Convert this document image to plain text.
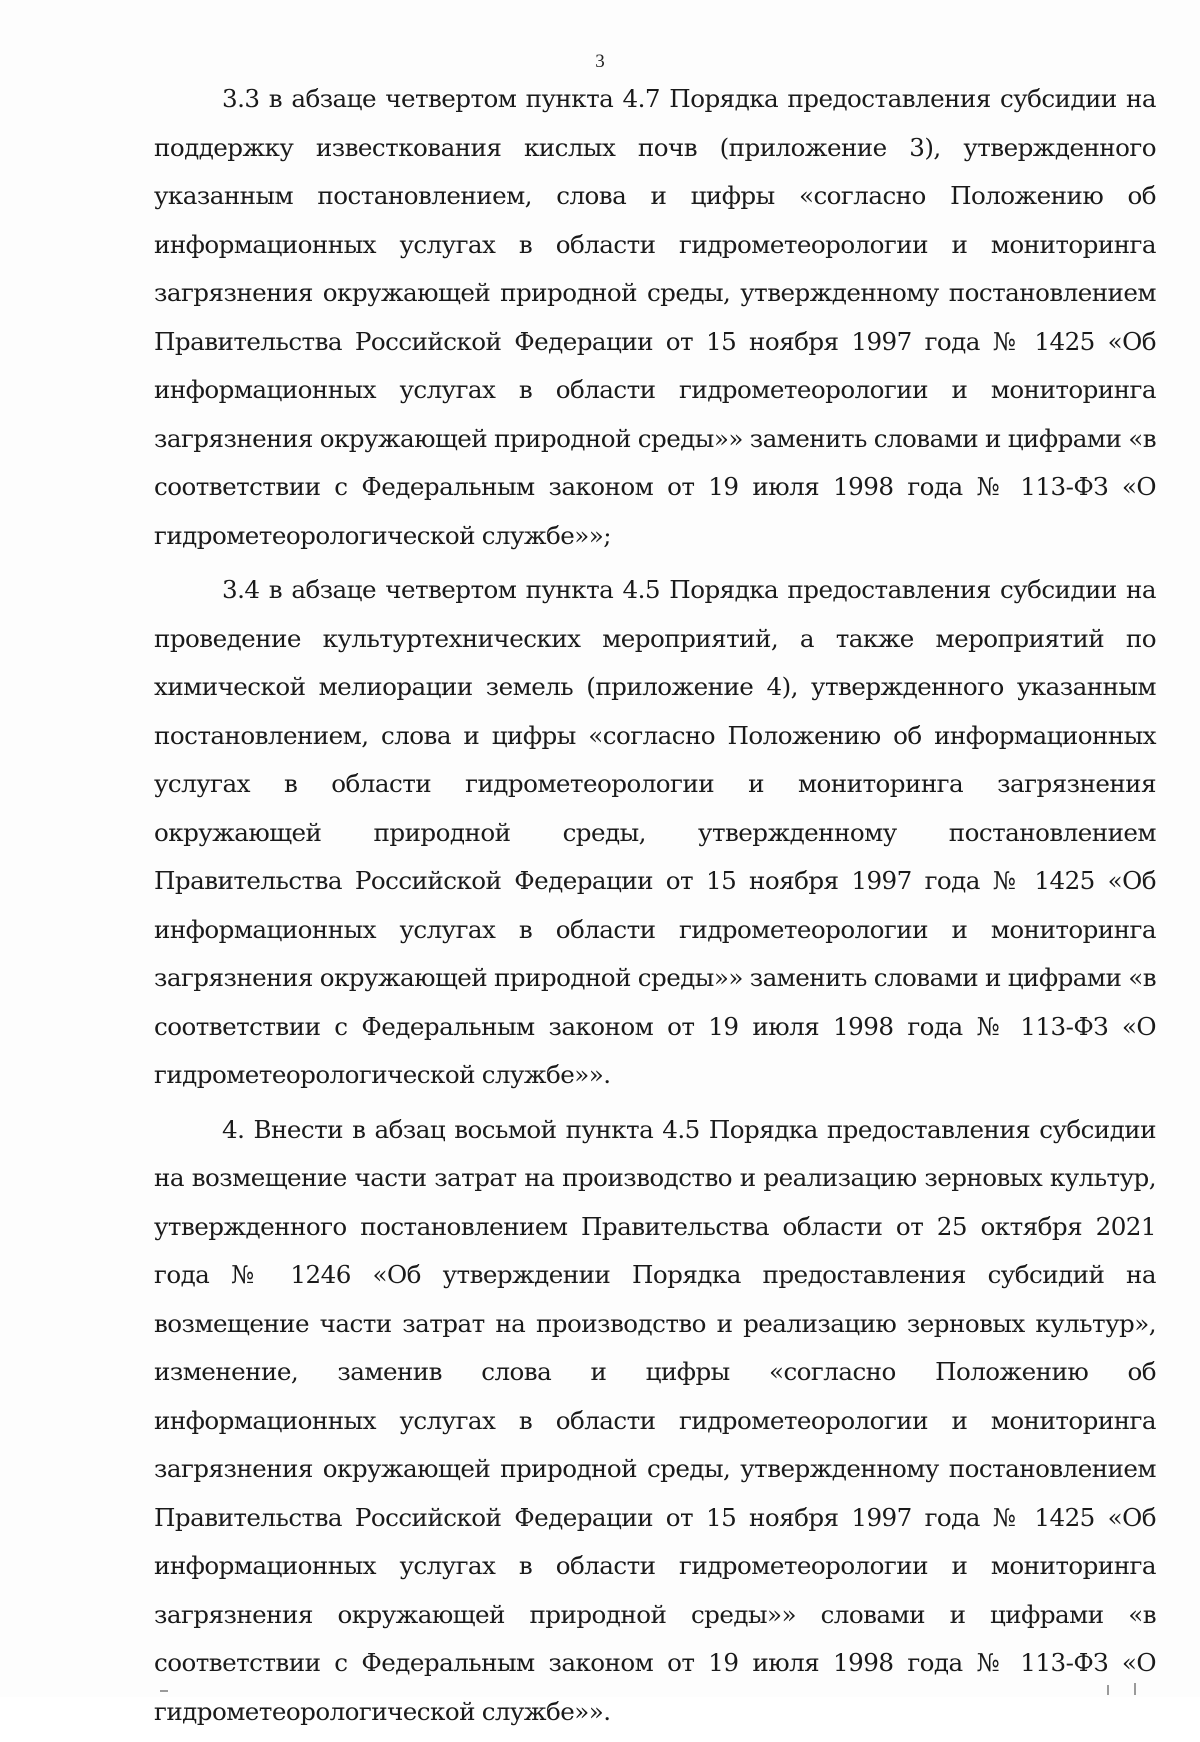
3

3.3 в абзаце четвертом пункта 4.7 Порядка предоставления субсидии на поддержку известкования кислых почв (приложение 3), утвержденного указанным постановлением, слова и цифры «согласно Положению об информационных услугах в области гидрометеорологии и мониторинга загрязнения окружающей природной среды, утвержденному постановлением Правительства Российской Федерации от 15 ноября 1997 года № 1425 «Об информационных услугах в области гидрометеорологии и мониторинга загрязнения окружающей природной среды»» заменить словами и цифрами «в соответствии с Федеральным законом от 19 июля 1998 года № 113-ФЗ «О гидрометеорологической службе»»;

3.4 в абзаце четвертом пункта 4.5 Порядка предоставления субсидии на проведение культуртехнических мероприятий, а также мероприятий по химической мелиорации земель (приложение 4), утвержденного указанным постановлением, слова и цифры «согласно Положению об информационных услугах в области гидрометеорологии и мониторинга загрязнения окружающей природной среды, утвержденному постановлением Правительства Российской Федерации от 15 ноября 1997 года № 1425 «Об информационных услугах в области гидрометеорологии и мониторинга загрязнения окружающей природной среды»» заменить словами и цифрами «в соответствии с Федеральным законом от 19 июля 1998 года № 113-ФЗ «О гидрометеорологической службе»».

4. Внести в абзац восьмой пункта 4.5 Порядка предоставления субсидии на возмещение части затрат на производство и реализацию зерновых культур, утвержденного постановлением Правительства области от 25 октября 2021 года № 1246 «Об утверждении Порядка предоставления субсидий на возмещение части затрат на производство и реализацию зерновых культур», изменение, заменив слова и цифры «согласно Положению об информационных услугах в области гидрометеорологии и мониторинга загрязнения окружающей природной среды, утвержденному постановлением Правительства Российской Федерации от 15 ноября 1997 года № 1425 «Об информационных услугах в области гидрометеорологии и мониторинга загрязнения окружающей природной среды»» словами и цифрами «в соответствии с Федеральным законом от 19 июля 1998 года № 113-ФЗ «О гидрометеорологической службе»».
